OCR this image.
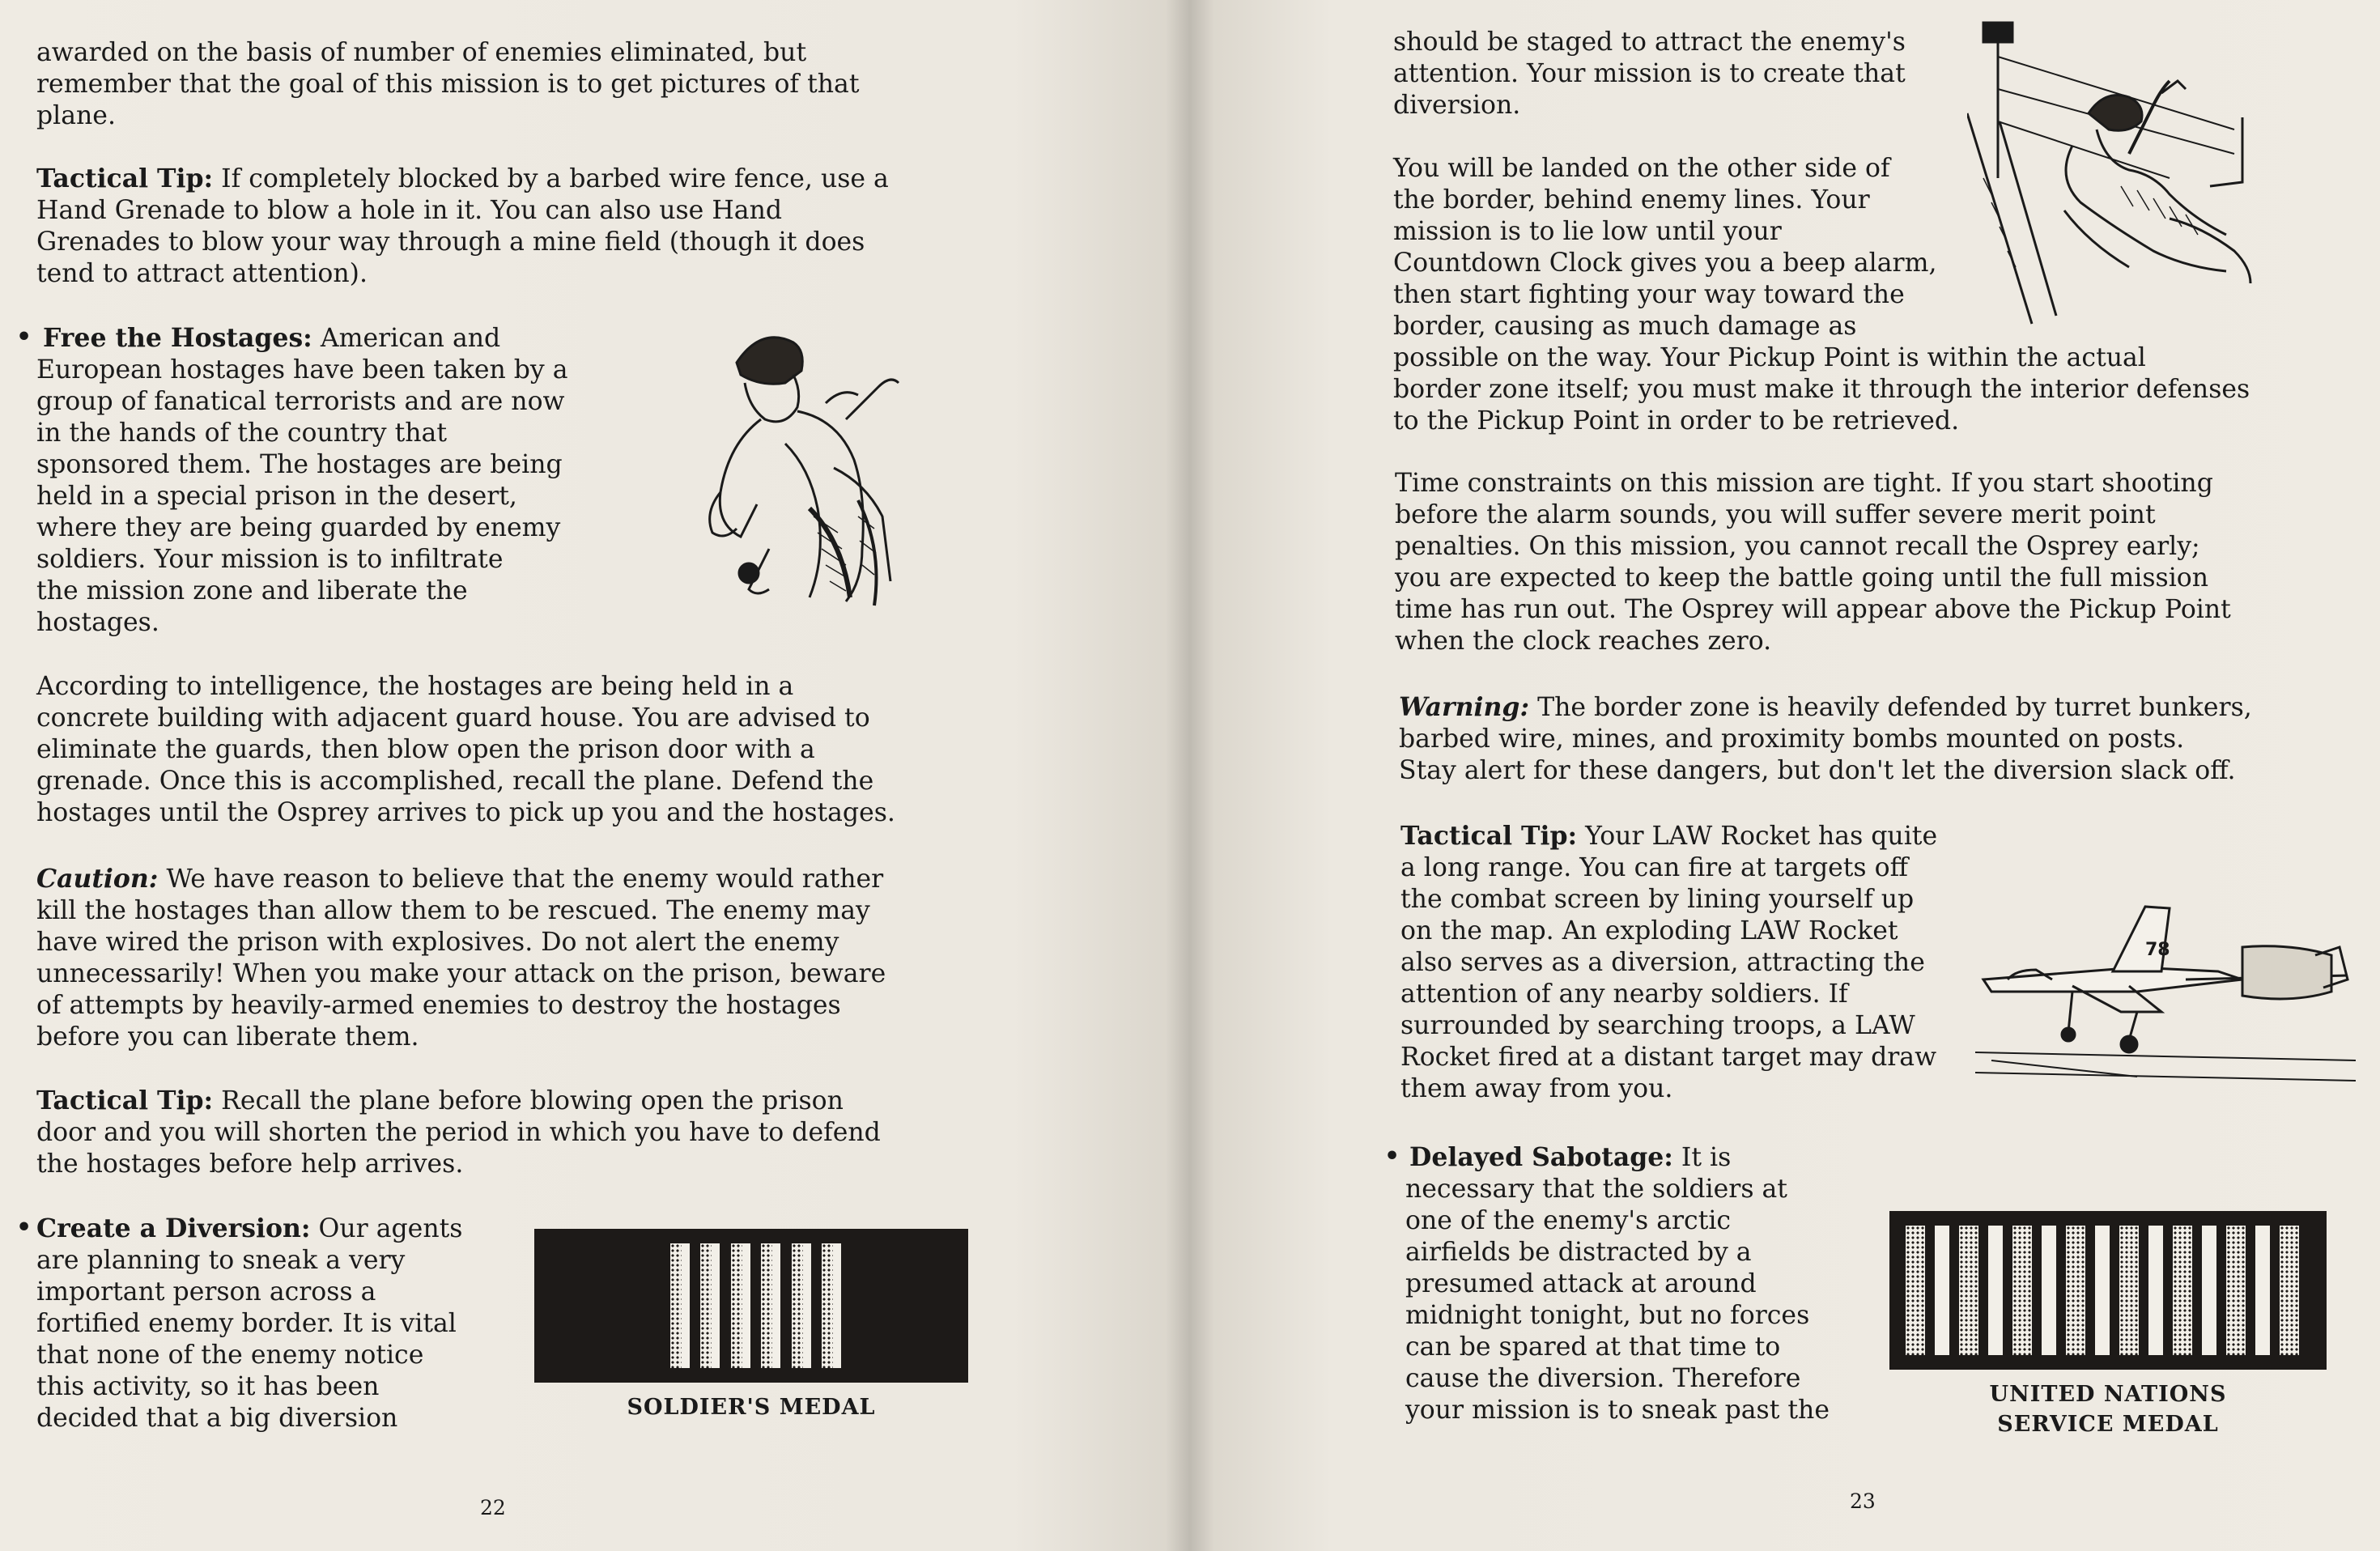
awarded on the basis of number of enemies eliminated, but

remember that the goal of this mission is to get pictures of that

plane.

Tactical Tip: If completely blocked by a barbed wire fence, use a

Hand Grenade to blow a hole in it. You can also use Hand

Grenades to blow your way through a mine field (though it does

tend to attract attention).

• Free the Hostages: American and

European hostages have been taken by a

group of fanatical terrorists and are now

in the hands of the country that

sponsored them. The hostages are being

held in a special prison in the desert,

where they are being guarded by enemy

soldiers. Your mission is to infiltrate

the mission zone and liberate the

hostages.

According to intelligence, the hostages are being held in a

concrete building with adjacent guard house. You are advised to

eliminate the guards, then blow open the prison door with a

grenade. Once this is accomplished, recall the plane. Defend the

hostages until the Osprey arrives to pick up you and the hostages.

Caution: We have reason to believe that the enemy would rather

kill the hostages than allow them to be rescued. The enemy may

have wired the prison with explosives. Do not alert the enemy

unnecessarily! When you make your attack on the prison, beware

of attempts by heavily-armed enemies to destroy the hostages

before you can liberate them.

Tactical Tip: Recall the plane before blowing open the prison

door and you will shorten the period in which you have to defend

the hostages before help arrives.

• Create a Diversion: Our agents

are planning to sneak a very

important person across a

fortified enemy border. It is vital

that none of the enemy notice

this activity, so it has been

decided that a big diversion	SOLDIER'S MEDAL
22

should be staged to attract the enemy's

attention. Your mission is to create that

diversion.

You will be landed on the other side of

the border, behind enemy lines. Your

mission is to lie low until your

Countdown Clock gives you a beep alarm,

then start fighting your way toward the

border, causing as much damage as

possible on the way. Your Pickup Point is within the actual

border zone itself; you must make it through the interior defenses

to the Pickup Point in order to be retrieved.

Time constraints on this mission are tight. If you start shooting

before the alarm sounds, you will suffer severe merit point

penalties. On this mission, you cannot recall the Osprey early;

you are expected to keep the battle going until the full mission

time has run out. The Osprey will appear above the Pickup Point

when the clock reaches zero.

Warning: The border zone is heavily defended by turret bunkers,

barbed wire, mines, and proximity bombs mounted on posts.

Stay alert for these dangers, but don't let the diversion slack off.

Tactical Tip: Your LAW Rocket has quite

a long range. You can fire at targets off

the combat screen by lining yourself up

on the map. An exploding LAW Rocket

also serves as a diversion, attracting the

attention of any nearby soldiers. If

surrounded by searching troops, a LAW

Rocket fired at a distant target may draw

them away from you.

78
• Delayed Sabotage: It is

necessary that the soldiers at

one of the enemy's arctic

airfields be distracted by a

presumed attack at around

midnight tonight, but no forces

can be spared at that time to

cause the diversion. Therefore

your mission is to sneak past the

UNITED NATIONS
SERVICE MEDAL
23
